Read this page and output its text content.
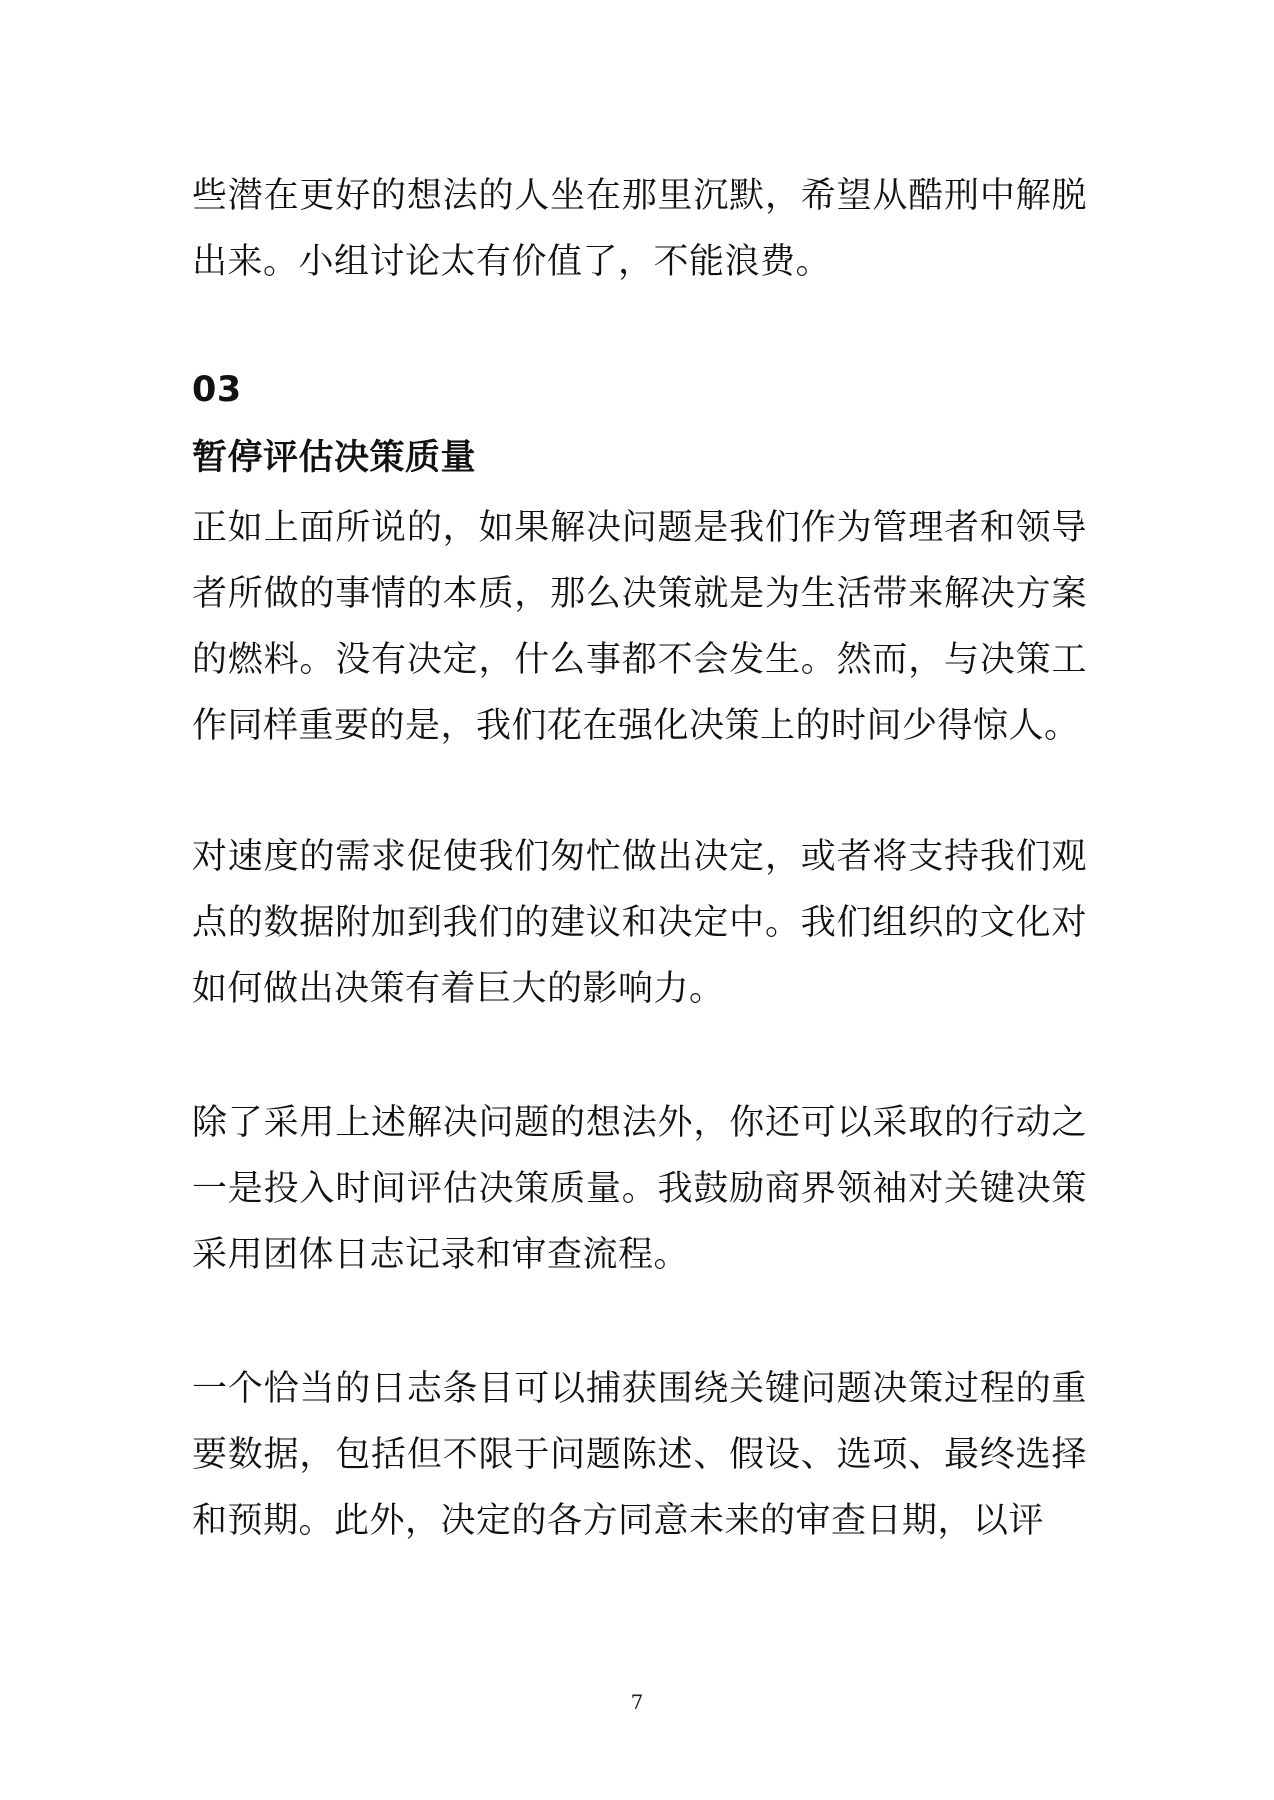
些潜在更好的想法的人坐在那里沉默，希望从酷刑中解脱出来。小组讨论太有价值了，不能浪费。

03
暂停评估决策质量

正如上面所说的，如果解决问题是我们作为管理者和领导者所做的事情的本质，那么决策就是为生活带来解决方案的燃料。没有决定，什么事都不会发生。然而，与决策工作同样重要的是，我们花在强化决策上的时间少得惊人。

对速度的需求促使我们匆忙做出决定，或者将支持我们观点的数据附加到我们的建议和决定中。我们组织的文化对如何做出决策有着巨大的影响力。

除了采用上述解决问题的想法外，你还可以采取的行动之一是投入时间评估决策质量。我鼓励商界领袖对关键决策采用团体日志记录和审查流程。

一个恰当的日志条目可以捕获围绕关键问题决策过程的重要数据，包括但不限于问题陈述、假设、选项、最终选择和预期。此外，决定的各方同意未来的审查日期，以评

7
